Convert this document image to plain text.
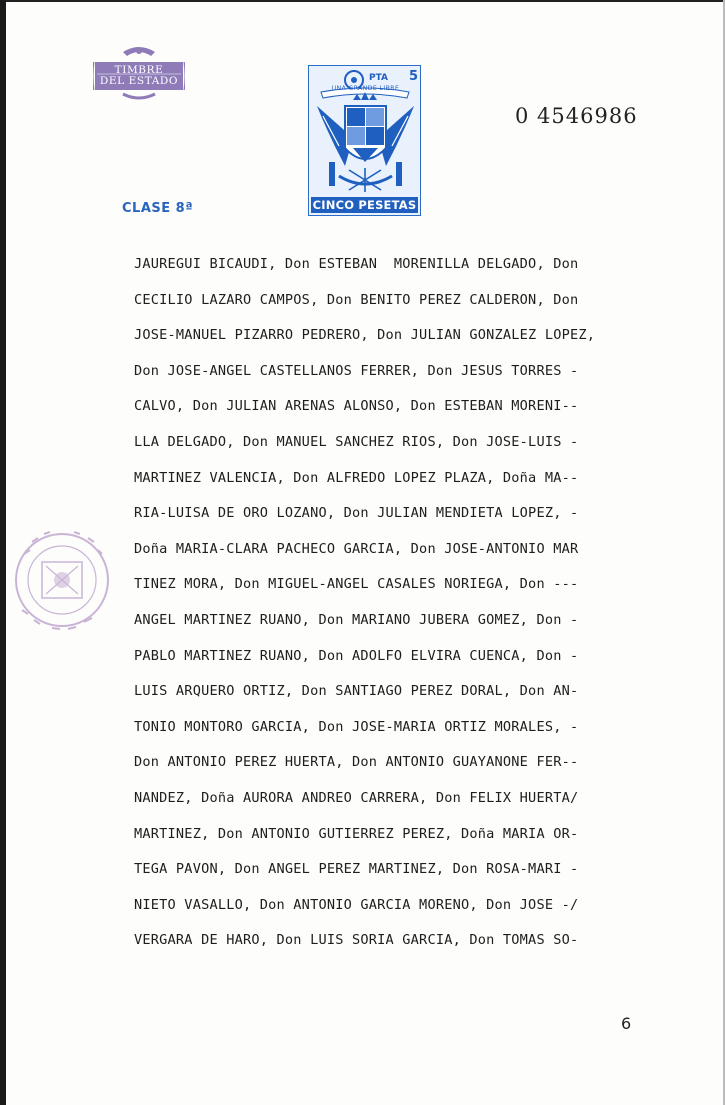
TIMBRE
DEL ESTADO	PTA 5
UNA GRANDE LIBRE
CINCO PESETAS
0 4546986
CLASE 8ª
JAUREGUI BICAUDI, Don ESTEBAN  MORENILLA DELGADO, Don
CECILIO LAZARO CAMPOS, Don BENITO PEREZ CALDERON, Don
JOSE-MANUEL PIZARRO PEDRERO, Don JULIAN GONZALEZ LOPEZ,
Don JOSE-ANGEL CASTELLANOS FERRER, Don JESUS TORRES -
CALVO, Don JULIAN ARENAS ALONSO, Don ESTEBAN MORENI--
LLA DELGADO, Don MANUEL SANCHEZ RIOS, Don JOSE-LUIS -
MARTINEZ VALENCIA, Don ALFREDO LOPEZ PLAZA, Doña MA--
RIA-LUISA DE ORO LOZANO, Don JULIAN MENDIETA LOPEZ, -
Doña MARIA-CLARA PACHECO GARCIA, Don JOSE-ANTONIO MAR
TINEZ MORA, Don MIGUEL-ANGEL CASALES NORIEGA, Don ---
ANGEL MARTINEZ RUANO, Don MARIANO JUBERA GOMEZ, Don -
PABLO MARTINEZ RUANO, Don ADOLFO ELVIRA CUENCA, Don -
LUIS ARQUERO ORTIZ, Don SANTIAGO PEREZ DORAL, Don AN-
TONIO MONTORO GARCIA, Don JOSE-MARIA ORTIZ MORALES, -
Don ANTONIO PEREZ HUERTA, Don ANTONIO GUAYANONE FER--
NANDEZ, Doña AURORA ANDREO CARRERA, Don FELIX HUERTA/
MARTINEZ, Don ANTONIO GUTIERREZ PEREZ, Doña MARIA OR-
TEGA PAVON, Don ANGEL PEREZ MARTINEZ, Don ROSA-MARI -
NIETO VASALLO, Don ANTONIO GARCIA MORENO, Don JOSE -/
VERGARA DE HARO, Don LUIS SORIA GARCIA, Don TOMAS SO-
6
